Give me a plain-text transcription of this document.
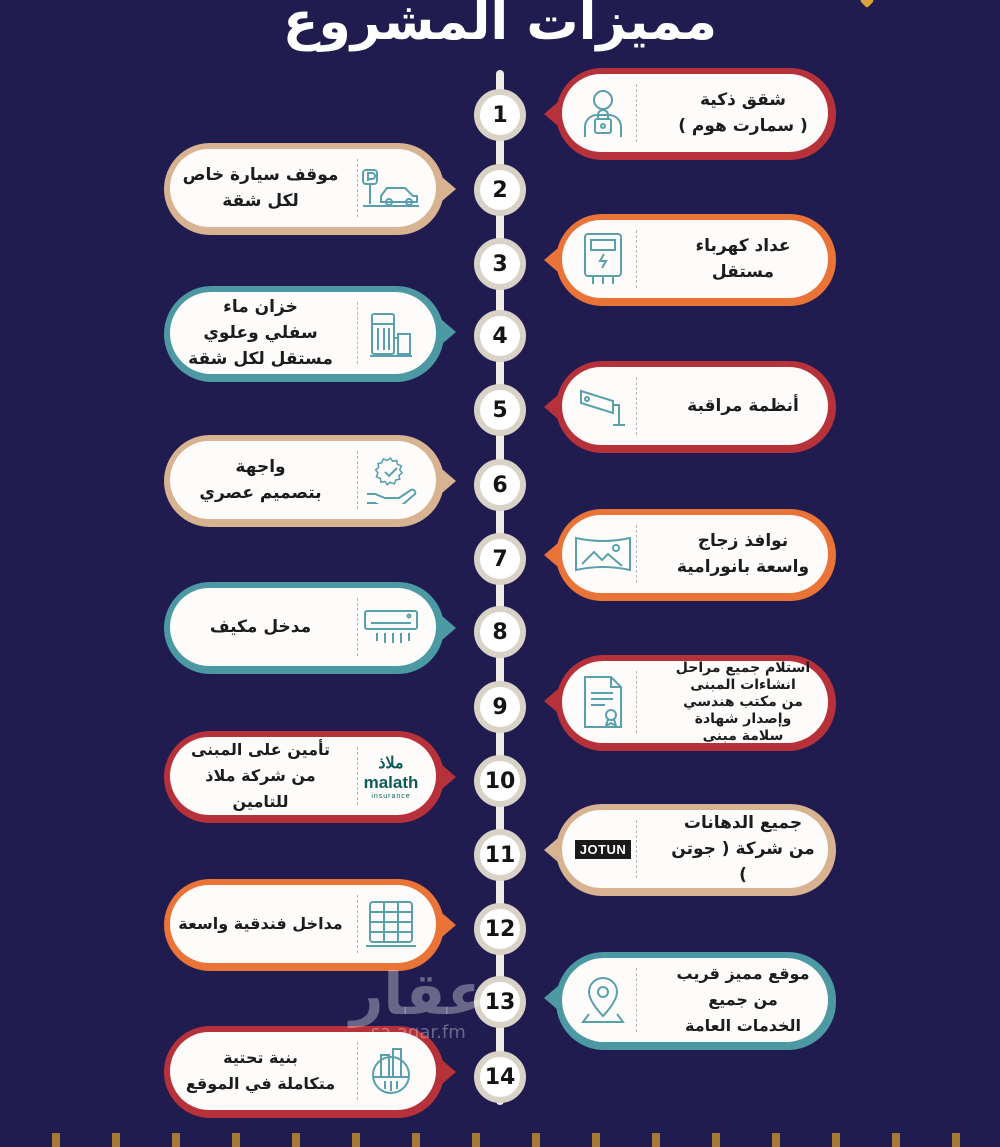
مميزات المشروع
1
شقق ذكية
( سمارت هوم )
2
موقف سيارة خاص
لكل شقة
3
عداد كهرباء
مستقل
4
خزان ماء
سفلي وعلوي
مستقل لكل شقة
5	أنظمة مراقبة
6
واجهة
بتصميم عصري
7
نوافذ زجاج
واسعة بانورامية
8
مدخل مكيف
9
استلام جميع مراحل
انشاءات المبنى
من مكتب هندسي
وإصدار شهادة
سلامة مبنى
10
ملاذ
malath
insurance
تأمين على المبنى
من شركة ملاذ للتامين
11	JOTUN
جميع الدهانات
من شركة ( جوتن )
12
مداخل فندقية واسعة
13
موقع مميز قريب
من جميع
الخدمات العامة
14
بنية تحتية
متكاملة في الموقع
عقار
sa.aqar.fm
